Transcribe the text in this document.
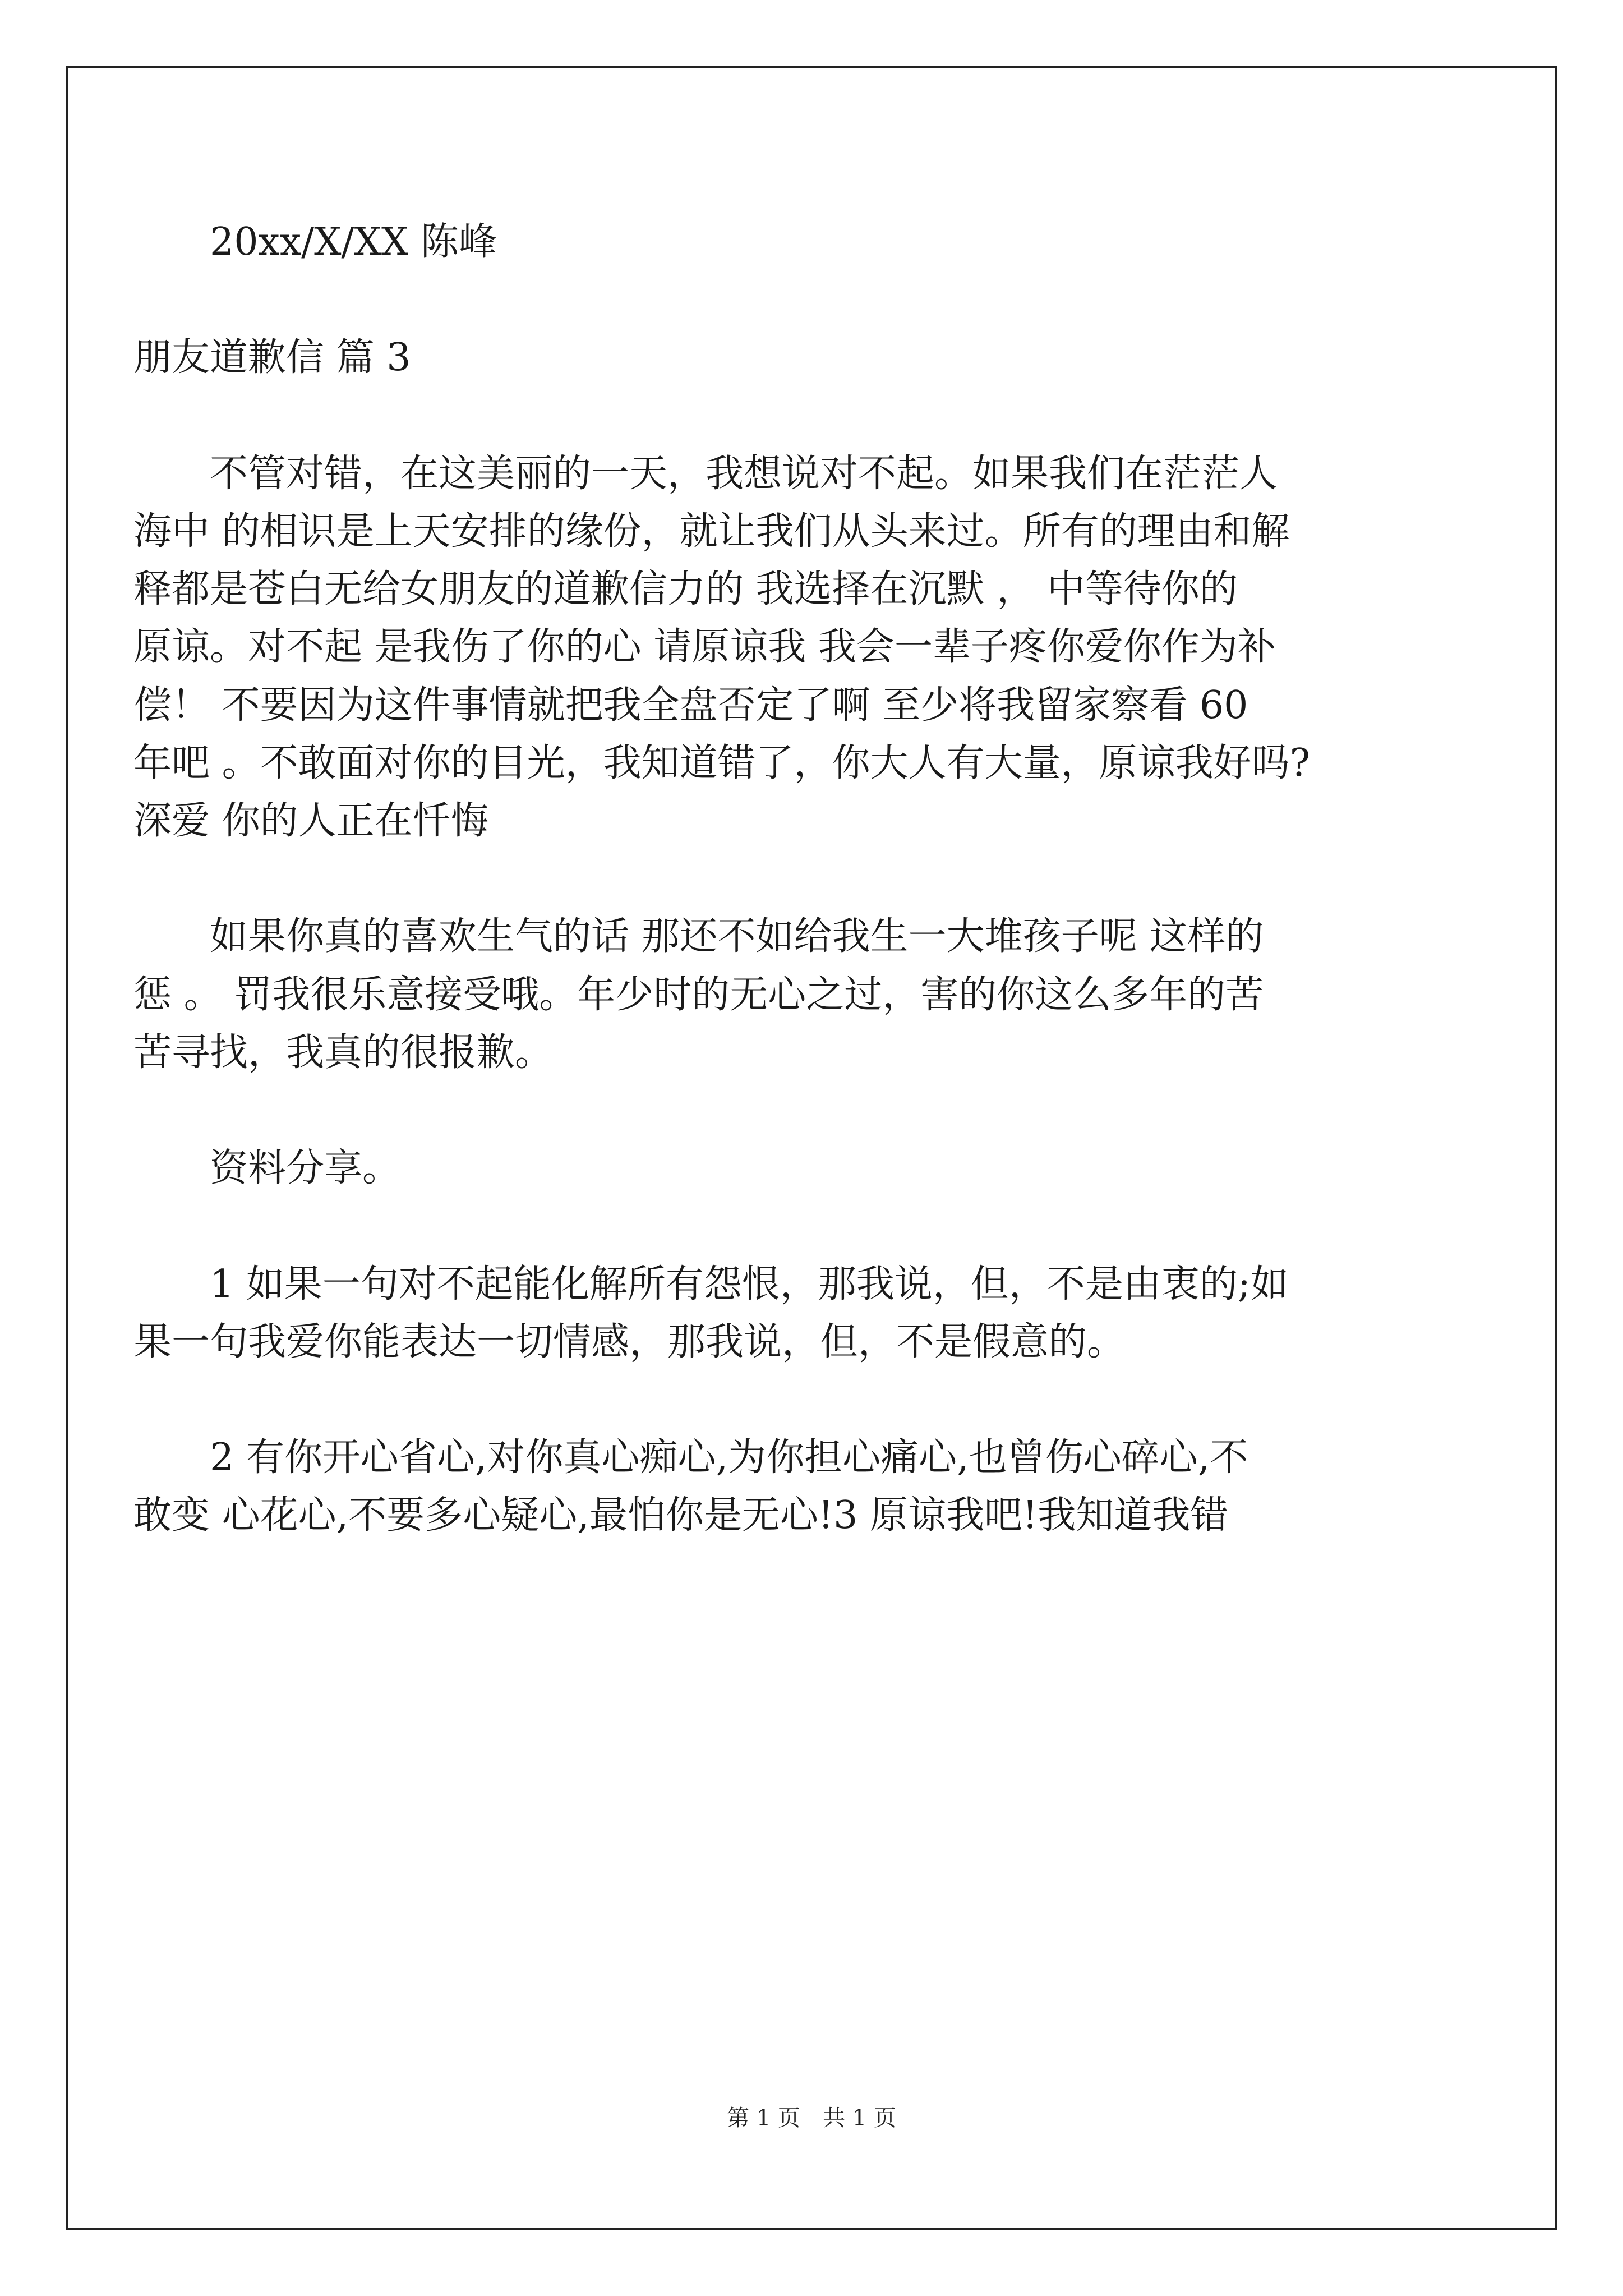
20xx/X/XX 陈峰

朋友道歉信 篇 3

不管对错，在这美丽的一天，我想说对不起。如果我们在茫茫人
海中 的相识是上天安排的缘份，就让我们从头来过。所有的理由和解
释都是苍白无给女朋友的道歉信力的 我选择在沉默 ， 中等待你的
原谅。对不起 是我伤了你的心 请原谅我 我会一辈子疼你爱你作为补
偿！ 不要因为这件事情就把我全盘否定了啊 至少将我留家察看 60
年吧 。不敢面对你的目光，我知道错了，你大人有大量，原谅我好吗?
深爱 你的人正在忏悔

如果你真的喜欢生气的话 那还不如给我生一大堆孩子呢 这样的
惩 。 罚我很乐意接受哦。年少时的无心之过，害的你这么多年的苦
苦寻找，我真的很报歉。

资料分享。

1 如果一句对不起能化解所有怨恨，那我说，但，不是由衷的;如
果一句我爱你能表达一切情感，那我说，但，不是假意的。

2 有你开心省心,对你真心痴心,为你担心痛心,也曾伤心碎心,不
敢变 心花心,不要多心疑心,最怕你是无心!3 原谅我吧!我知道我错

第 1 页 共 1 页
